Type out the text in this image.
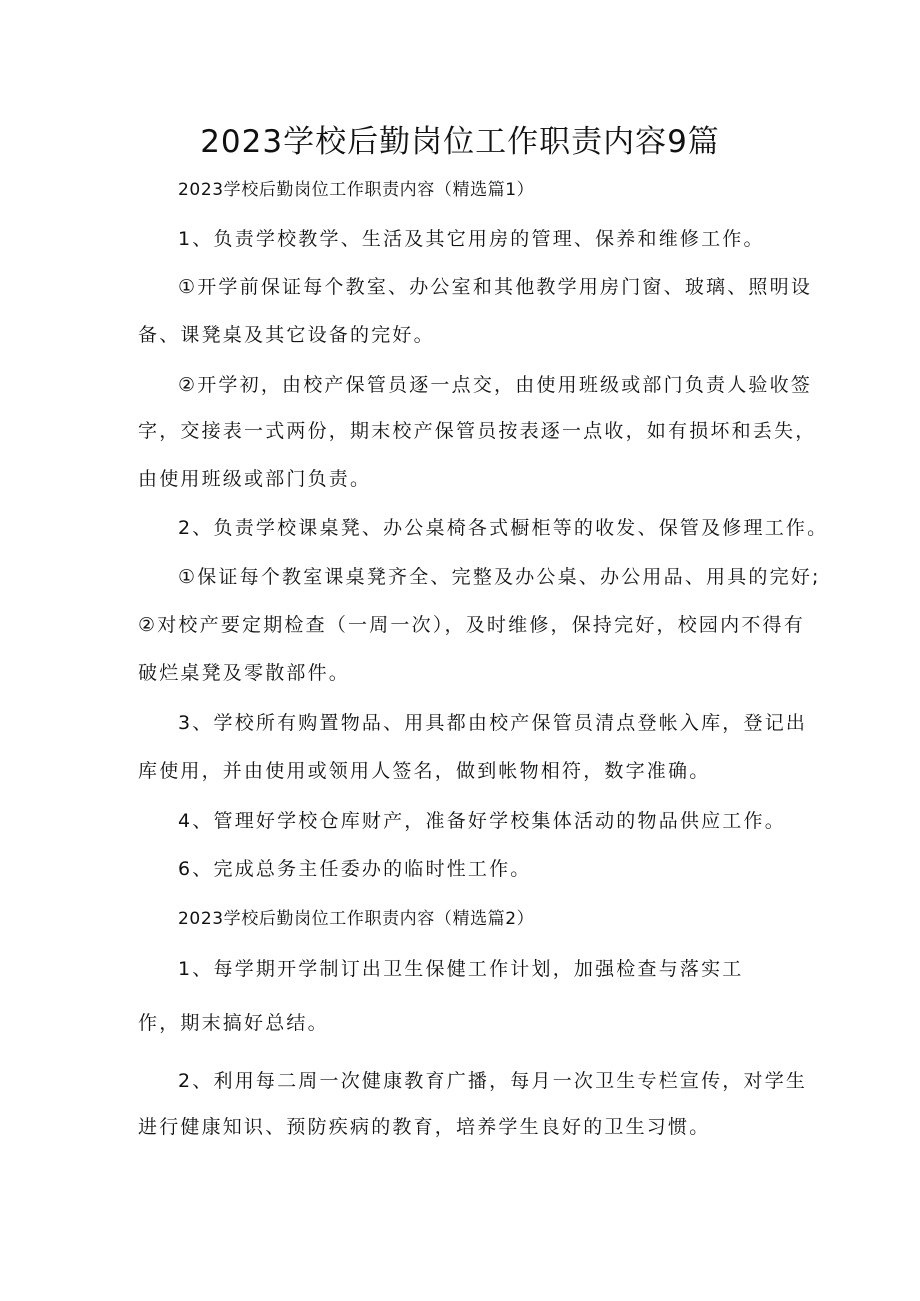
2023学校后勤岗位工作职责内容9篇
2023学校后勤岗位工作职责内容（精选篇1）
1、负责学校教学、生活及其它用房的管理、保养和维修工作。
①开学前保证每个教室、办公室和其他教学用房门窗、玻璃、照明设
备、课凳桌及其它设备的完好。
②开学初，由校产保管员逐一点交，由使用班级或部门负责人验收签
字，交接表一式两份，期末校产保管员按表逐一点收，如有损坏和丢失，
由使用班级或部门负责。
2、负责学校课桌凳、办公桌椅各式橱柜等的收发、保管及修理工作。
①保证每个教室课桌凳齐全、完整及办公桌、办公用品、用具的完好;
②对校产要定期检查（一周一次），及时维修，保持完好，校园内不得有
破烂桌凳及零散部件。
3、学校所有购置物品、用具都由校产保管员清点登帐入库，登记出
库使用，并由使用或领用人签名，做到帐物相符，数字准确。
4、管理好学校仓库财产，准备好学校集体活动的物品供应工作。
6、完成总务主任委办的临时性工作。
2023学校后勤岗位工作职责内容（精选篇2）
1、每学期开学制订出卫生保健工作计划，加强检查与落实工
作，期末搞好总结。
2、利用每二周一次健康教育广播，每月一次卫生专栏宣传，对学生
进行健康知识、预防疾病的教育，培养学生良好的卫生习惯。
